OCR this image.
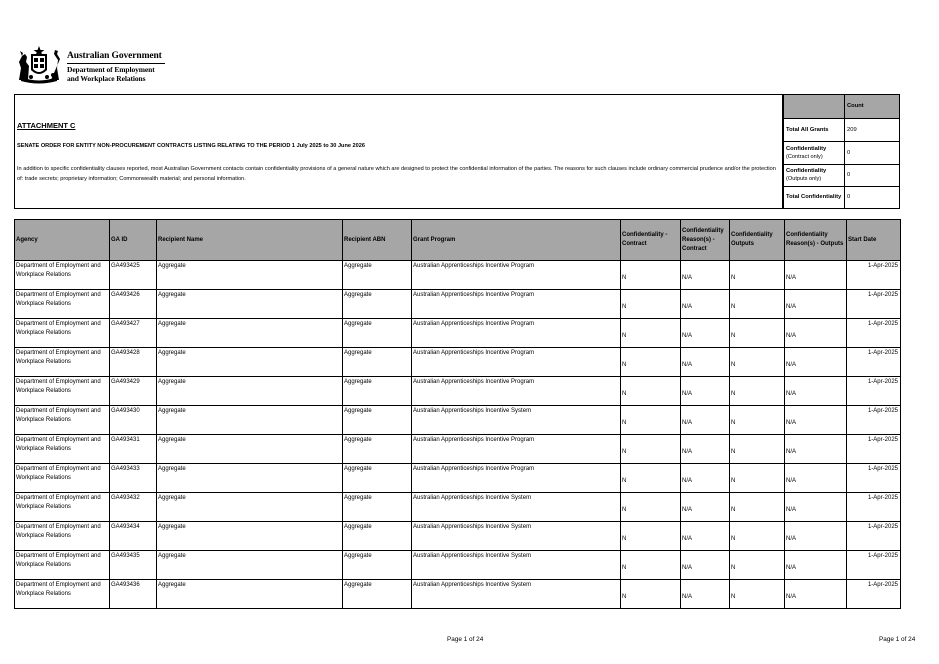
Australian Government
Department of Employment
and Workplace Relations
ATTACHMENT C
SENATE ORDER FOR ENTITY NON-PROCUREMENT CONTRACTS LISTING RELATING TO THE PERIOD 1 July 2025 to 30 June 2026
In addition to specific confidentiality clauses reported, most Australian Government contacts contain confidentiality provisions of a general nature which are designed to protect the confidential information of the parties. The reasons for such clauses include ordinary commercial prudence and/or the protection of: trade secrets; proprietary information; Commonwealth material; and personal information.
	Count
Total All Grants	209
Confidentiality
(Contract only)	0
Confidentiality
(Outputs only)	0
Total Confidentiality	0
Agency	GA ID	Recipient Name	Recipient ABN	Grant Program	Confidentiality - Contract	Confidentiality Reason(s) - Contract	Confidentiality Outputs	Confidentiality Reason(s) - Outputs	Start Date
Department of Employment and Workplace Relations	GA493425	Aggregate	Aggregate	Australian Apprenticeships Incentive Program	N	N/A	N	N/A	1-Apr-2025
Department of Employment and Workplace Relations	GA493426	Aggregate	Aggregate	Australian Apprenticeships Incentive Program	N	N/A	N	N/A	1-Apr-2025
Department of Employment and Workplace Relations	GA493427	Aggregate	Aggregate	Australian Apprenticeships Incentive Program	N	N/A	N	N/A	1-Apr-2025
Department of Employment and Workplace Relations	GA493428	Aggregate	Aggregate	Australian Apprenticeships Incentive Program	N	N/A	N	N/A	1-Apr-2025
Department of Employment and Workplace Relations	GA493429	Aggregate	Aggregate	Australian Apprenticeships Incentive Program	N	N/A	N	N/A	1-Apr-2025
Department of Employment and Workplace Relations	GA493430	Aggregate	Aggregate	Australian Apprenticeships Incentive System	N	N/A	N	N/A	1-Apr-2025
Department of Employment and Workplace Relations	GA493431	Aggregate	Aggregate	Australian Apprenticeships Incentive Program	N	N/A	N	N/A	1-Apr-2025
Department of Employment and Workplace Relations	GA493433	Aggregate	Aggregate	Australian Apprenticeships Incentive Program	N	N/A	N	N/A	1-Apr-2025
Department of Employment and Workplace Relations	GA493432	Aggregate	Aggregate	Australian Apprenticeships Incentive System	N	N/A	N	N/A	1-Apr-2025
Department of Employment and Workplace Relations	GA493434	Aggregate	Aggregate	Australian Apprenticeships Incentive System	N	N/A	N	N/A	1-Apr-2025
Department of Employment and Workplace Relations	GA493435	Aggregate	Aggregate	Australian Apprenticeships Incentive System	N	N/A	N	N/A	1-Apr-2025
Department of Employment and Workplace Relations	GA493436	Aggregate	Aggregate	Australian Apprenticeships Incentive System	N	N/A	N	N/A	1-Apr-2025
Page 1 of 24	Page 1 of 24
